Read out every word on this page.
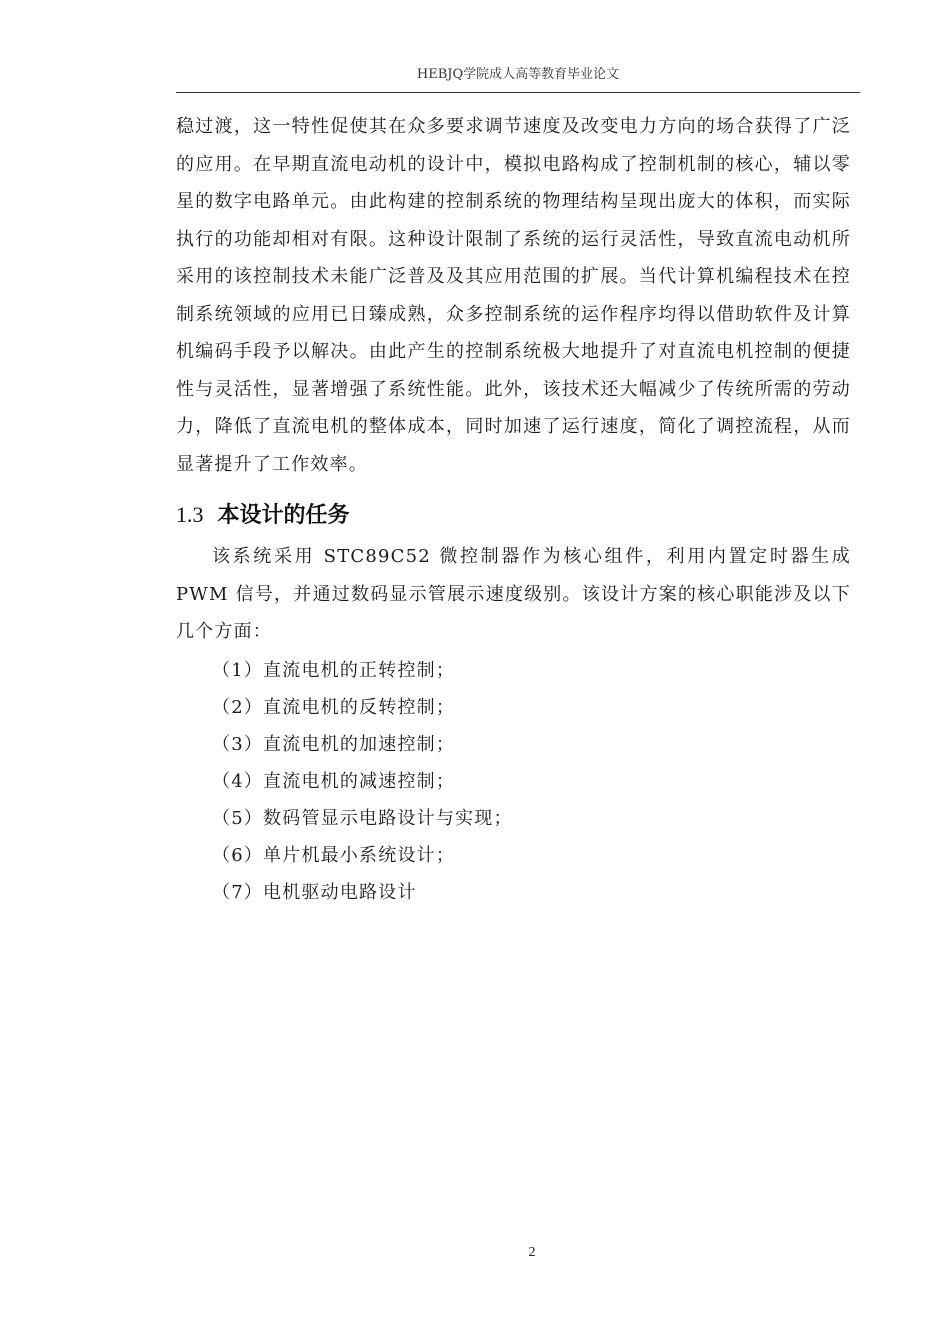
HEBJQ学院成人高等教育毕业论文

稳过渡，这一特性促使其在众多要求调节速度及改变电力方向的场合获得了广泛的应用。在早期直流电动机的设计中，模拟电路构成了控制机制的核心，辅以零星的数字电路单元。由此构建的控制系统的物理结构呈现出庞大的体积，而实际执行的功能却相对有限。这种设计限制了系统的运行灵活性，导致直流电动机所采用的该控制技术未能广泛普及及其应用范围的扩展。当代计算机编程技术在控制系统领域的应用已日臻成熟，众多控制系统的运作程序均得以借助软件及计算机编码手段予以解决。由此产生的控制系统极大地提升了对直流电机控制的便捷性与灵活性，显著增强了系统性能。此外，该技术还大幅减少了传统所需的劳动力，降低了直流电机的整体成本，同时加速了运行速度，简化了调控流程，从而显著提升了工作效率。

1.3 本设计的任务
该系统采用 STC89C52 微控制器作为核心组件，利用内置定时器生成 PWM 信号，并通过数码显示管展示速度级别。该设计方案的核心职能涉及以下几个方面：
（1）直流电机的正转控制；
（2）直流电机的反转控制；
（3）直流电机的加速控制；
（4）直流电机的减速控制；
（5）数码管显示电路设计与实现；
（6）单片机最小系统设计；
（7）电机驱动电路设计
2
